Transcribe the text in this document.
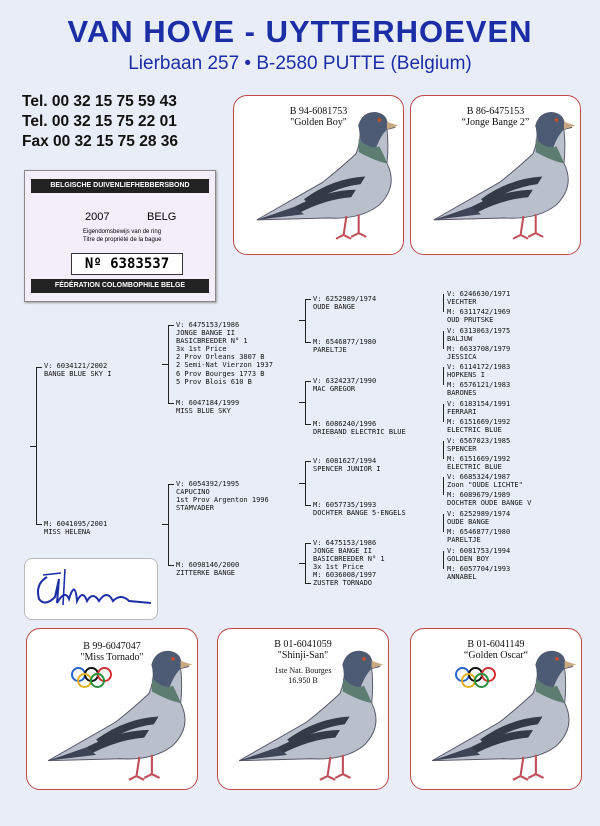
VAN HOVE - UYTTERHOEVEN
Lierbaan 257 • B-2580 PUTTE (Belgium)
Tel. 00 32 15 75 59 43
Tel. 00 32 15 75 22 01
Fax 00 32 15 75 28 36
BELGISCHE DUIVENLIEFHEBBERSBOND
2007	BELG
Eigendomsbewijs van de ring
Titre de propriété de la bague
Nº 6383537
FÉDÉRATION COLOMBOPHILE BELGE
B 94-6081753
"Golden Boy"
B 86-6475153
“Jonge Bange 2”
B 99-6047047
"Miss Tornado"
B 01-6041059
"Shinji-San"
1ste Nat. Bourges
16.950 B
B 01-6041149
“Golden Oscar“
V: 6034121/2002
BANGE BLUE SKY I
M: 6041095/2001
MISS HELENA
V: 6475153/1986
JONGE BANGE II
BASICBREEDER N° 1
3x 1st Price
2 Prov Orleans 3807 B
2 Semi-Nat Vierzon 1937
6 Prov Bourges 1773 B
5 Prov Blois 610 B
M: 6047184/1999
MISS BLUE SKY
V: 6054392/1995
CAPUCINO
1st Prov Argenton 1996
STAMVADER
M: 6098146/2000
ZITTERKE BANGE
V: 6252989/1974
OUDE BANGE
M: 6546877/1980
PARELTJE
V: 6324237/1990
MAC GREGOR
M: 6086240/1996
DRIEBAND ELECTRIC BLUE
V: 6081627/1994
SPENCER JUNIOR I
M: 6057735/1993
DOCHTER BANGE 5-ENGELS
V: 6475153/1986
JONGE BANGE II
BASICBREEDER N° 1
3x 1st Price
M: 6036008/1997
ZUSTER TORNADO
V: 6246630/1971
VECHTER
M: 6311742/1969
OUD PRUTSKE
V: 6313063/1975
BALJUW
M: 6633708/1979
JESSICA
V: 6114172/1983
HOPKENS I
M: 6576121/1983
BARONES
V: 6183154/1991
FERRARI
M: 6151669/1992
ELECTRIC BLUE
V: 6567023/1985
SPENCER
M: 6151669/1992
ELECTRIC BLUE
V: 6685324/1987
Zoon "OUDE LICHTE"
M: 6089679/1989
DOCHTER OUDE BANGE V
V: 6252989/1974
OUDE BANGE
M: 6546877/1980
PARELTJE
V: 6081753/1994
GOLDEN BOY
M: 6057704/1993
ANNABEL
